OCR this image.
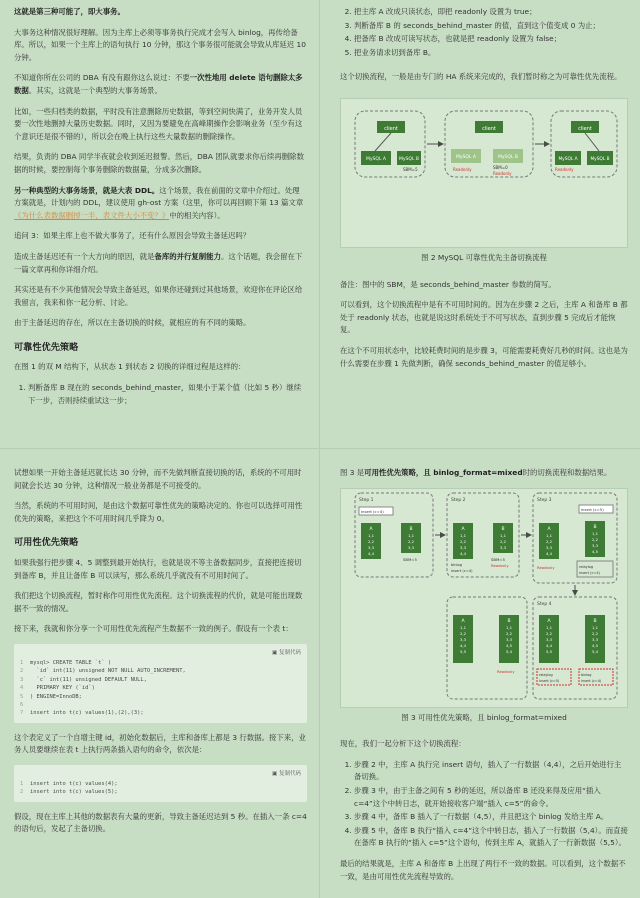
这就是第三种可能了，即大事务。

大事务这种情况很好理解。因为主库上必须等事务执行完成才会写入 binlog，再传给备库。所以，如果一个主库上的语句执行 10 分钟，那这个事务很可能就会导致从库延迟 10 分钟。

不知道你所在公司的 DBA 有没有跟你这么说过：不要一次性地用 delete 语句删除太多数据。其实，这就是一个典型的大事务场景。

比如，一些归档类的数据，平时没有注意删除历史数据，等到空间快满了，业务开发人员要一次性地删掉大量历史数据。同时，又因为要避免在高峰期操作会影响业务（至少有这个意识还是很不错的），所以会在晚上执行这些大量数据的删除操作。

结果，负责的 DBA 同学半夜就会收到延迟报警。然后，DBA 团队就要求你后续再删除数据的时候，要控制每个事务删除的数据量，分成多次删除。

另一种典型的大事务场景，就是大表 DDL。这个场景，我在前面的文章中介绍过。处理方案就是，计划内的 DDL，建议使用 gh-ost 方案（这里，你可以再回顾下第 13 篇文章《为什么表数据删掉一半，表文件大小不变？》中的相关内容）。

追问 3：如果主库上也不做大事务了，还有什么原因会导致主备延迟吗？

造成主备延迟还有一个大方向的原因，就是备库的并行复制能力。这个话题，我会留在下一篇文章再和你详细介绍。

其实还是有不少其他情况会导致主备延迟，如果你还碰到过其他场景，欢迎你在评论区给我留言，我来和你一起分析、讨论。

由于主备延迟的存在，所以在主备切换的时候，就相应的有不同的策略。

可靠性优先策略

在图 1 的双 M 结构下，从状态 1 到状态 2 切换的详细过程是这样的：

1. 判断备库 B 现在的 seconds_behind_master，如果小于某个值（比如 5 秒）继续下一步，否则持续重试这一步；
2. 把主库 A 改成只读状态，即把 readonly 设置为 true；
3. 判断备库 B 的 seconds_behind_master 的值，直到这个值变成 0 为止；
4. 把备库 B 改成可读写状态，也就是把 readonly 设置为 false；
5. 把业务请求切到备库 B。

这个切换流程，一般是由专门的 HA 系统来完成的，我们暂时称之为可靠性优先流程。

client
MySQL A	MySQL B
SBM=5
client
MySQL A
Readonly
MySQL B
SBM=0
Readonly
client
MySQL A
Readonly
MySQL B

图 2 MySQL 可靠性优先主备切换流程

备注：图中的 SBM，是 seconds_behind_master 参数的简写。

可以看到，这个切换流程中是有不可用时间的。因为在步骤 2 之后，主库 A 和备库 B 都处于 readonly 状态，也就是说这时系统处于不可写状态，直到步骤 5 完成后才能恢复。

在这个不可用状态中，比较耗费时间的是步骤 3，可能需要耗费好几秒的时间。这也是为什么需要在步骤 1 先做判断，确保 seconds_behind_master 的值足够小。

试想如果一开始主备延迟就长达 30 分钟，而不先做判断直接切换的话，系统的不可用时间就会长达 30 分钟，这种情况一般业务都是不可接受的。

当然，系统的不可用时间，是由这个数据可靠性优先的策略决定的。你也可以选择可用性优先的策略，来把这个不可用时间几乎降为 0。

可用性优先策略

如果我强行把步骤 4、5 调整到最开始执行，也就是说不等主备数据同步，直接把连接切到备库 B，并且让备库 B 可以读写，那么系统几乎就没有不可用时间了。

我们把这个切换流程，暂时称作可用性优先流程。这个切换流程的代价，就是可能出现数据不一致的情况。

接下来，我就和你分享一个可用性优先流程产生数据不一致的例子。假设有一个表 t：

▣ 复制代码
1 mysql> CREATE TABLE `t` (
2  `id` int(11) unsigned NOT NULL AUTO_INCREMENT,
3  `c` int(11) unsigned DEFAULT NULL,
4  PRIMARY KEY (`id`)
5 ) ENGINE=InnoDB;
6
7 insert into t(c) values(1),(2),(3);

这个表定义了一个自增主键 id，初始化数据后，主库和备库上都是 3 行数据。接下来，业务人员要继续在表 t 上执行两条插入语句的命令，依次是：

▣ 复制代码
1 insert into t(c) values(4);
2 insert into t(c) values(5);

假设，现在主库上其他的数据表有大量的更新，导致主备延迟达到 5 秒。在插入一条 c=4 的语句后，发起了主备切换。

图 3 是可用性优先策略，且 binlog_format=mixed时的切换流程和数据结果。

Step 1
insert (c=4)
A	B
SBM=5
Step 2
A
binlog
insert (c=4)
B
SBM=5
Readonly
Step 3
insert (c=5)
A
Readonly
B
relaylog
insert (c=4)
Step 4
A	B
relaylog
insert (c=5)
binlog
insert (c=4)
A	B
Readonly
1,1
2,2
3,3
4,4
1,1
2,2
3,3
1,1
2,2
3,3
4,4
1,1
2,2
3,3
1,1
2,2
3,3
4,4
1,1
2,2
3,3
4,5
1,1
2,2
3,3
4,4
5,5
1,1
2,2
3,3
4,5
5,4
1,1
2,2
3,3
4,4
5,5
1,1
2,2
3,3
4,5
5,4

图 3 可用性优先策略，且 binlog_format=mixed

现在，我们一起分析下这个切换流程：

1. 步骤 2 中，主库 A 执行完 insert 语句，插入了一行数据（4,4），之后开始进行主备切换。
2. 步骤 3 中，由于主备之间有 5 秒的延迟，所以备库 B 还没来得及应用“插入 c=4”这个中转日志，就开始接收客户端“插入 c=5”的命令。
3. 步骤 4 中，备库 B 插入了一行数据（4,5），并且把这个 binlog 发给主库 A。
4. 步骤 5 中，备库 B 执行“插入 c=4”这个中转日志，插入了一行数据（5,4）。而直接在备库 B 执行的“插入 c=5”这个语句，传到主库 A，就插入了一行新数据（5,5）。

最后的结果就是，主库 A 和备库 B 上出现了两行不一致的数据。可以看到，这个数据不一致，是由可用性优先流程导致的。
